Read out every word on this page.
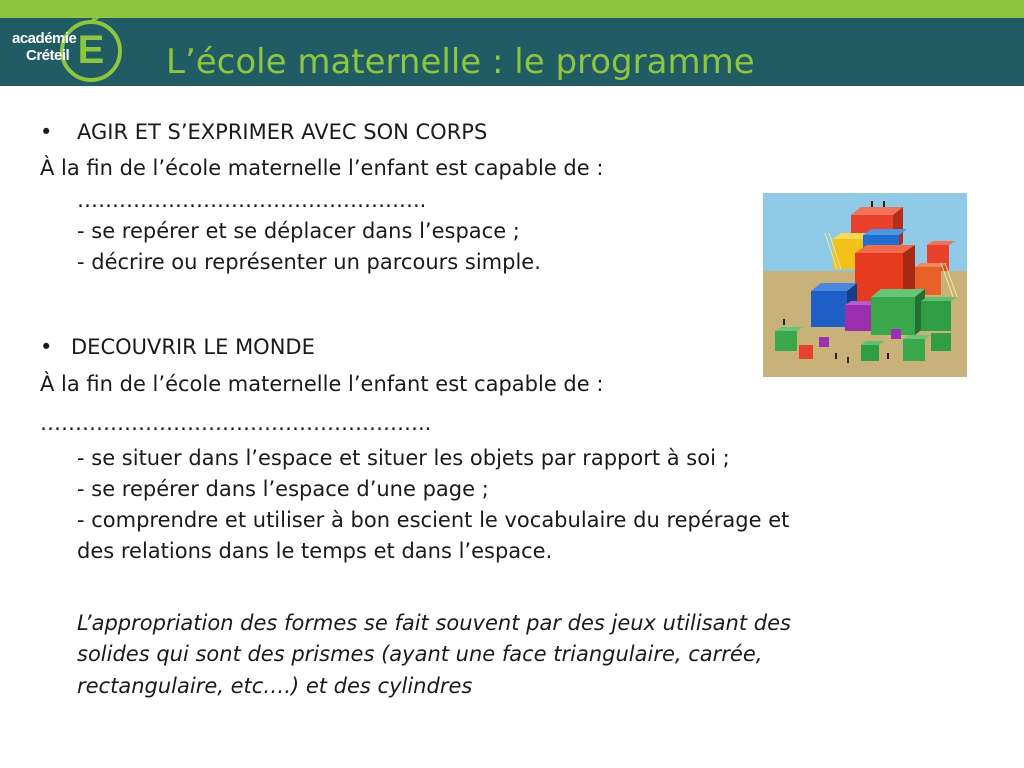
E
académie
Créteil	L’école maternelle : le programme

• AGIR ET S’EXPRIMER AVEC SON CORPS

À la fin de l’école maternelle l’enfant est capable de :

…………………………………………..

- se repérer et se déplacer dans l’espace ;

- décrire ou représenter un parcours simple.

• DECOUVRIR LE MONDE

À la fin de l’école maternelle l’enfant est capable de :

………………………………………………..

- se situer dans l’espace et situer les objets par rapport à soi ;

- se repérer dans l’espace d’une page ;

- comprendre et utiliser à bon escient le vocabulaire du repérage et

des relations dans le temps et dans l’espace.

L’appropriation des formes se fait souvent par des jeux utilisant des

solides qui sont des prismes (ayant une face triangulaire, carrée,

rectangulaire, etc….) et des cylindres
